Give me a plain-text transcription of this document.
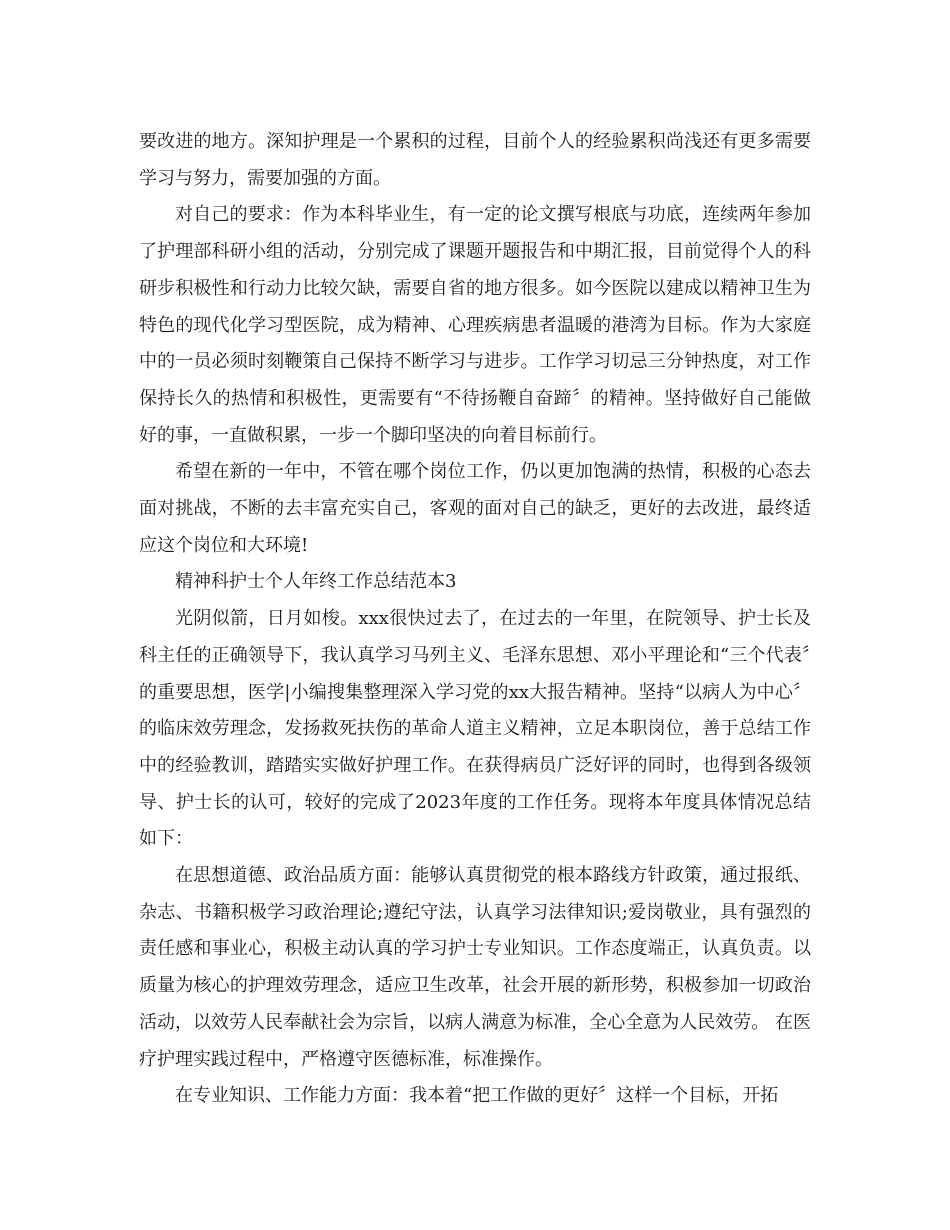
要改进的地方。深知护理是一个累积的过程，目前个人的经验累积尚浅还有更多需要学习与努力，需要加强的方面。

对自己的要求：作为本科毕业生，有一定的论文撰写根底与功底，连续两年参加了护理部科研小组的活动，分别完成了课题开题报告和中期汇报，目前觉得个人的科研步积极性和行动力比较欠缺，需要自省的地方很多。如今医院以建成以精神卫生为特色的现代化学习型医院，成为精神、心理疾病患者温暖的港湾为目标。作为大家庭中的一员必须时刻鞭策自己保持不断学习与进步。工作学习切忌三分钟热度，对工作保持长久的热情和积极性，更需要有“不待扬鞭自奋蹄〞的精神。坚持做好自己能做好的事，一直做积累，一步一个脚印坚决的向着目标前行。

希望在新的一年中，不管在哪个岗位工作，仍以更加饱满的热情，积极的心态去面对挑战，不断的去丰富充实自己，客观的面对自己的缺乏，更好的去改进，最终适应这个岗位和大环境!

精神科护士个人年终工作总结范本3

光阴似箭，日月如梭。xxx很快过去了，在过去的一年里，在院领导、护士长及科主任的正确领导下，我认真学习马列主义、毛泽东思想、邓小平理论和“三个代表〞的重要思想，医学|小编搜集整理深入学习党的xx大报告精神。坚持“以病人为中心〞的临床效劳理念，发扬救死扶伤的革命人道主义精神，立足本职岗位，善于总结工作中的经验教训，踏踏实实做好护理工作。在获得病员广泛好评的同时，也得到各级领导、护士长的认可，较好的完成了2023年度的工作任务。现将本年度具体情况总结如下：

在思想道德、政治品质方面：能够认真贯彻党的根本路线方针政策，通过报纸、杂志、书籍积极学习政治理论;遵纪守法，认真学习法律知识;爱岗敬业，具有强烈的责任感和事业心，积极主动认真的学习护士专业知识。工作态度端正，认真负责。以质量为核心的护理效劳理念，适应卫生改革，社会开展的新形势，积极参加一切政治活动，以效劳人民奉献社会为宗旨，以病人满意为标准，全心全意为人民效劳。 在医疗护理实践过程中，严格遵守医德标准，标准操作。

在专业知识、工作能力方面：我本着“把工作做的更好〞这样一个目标，开拓
